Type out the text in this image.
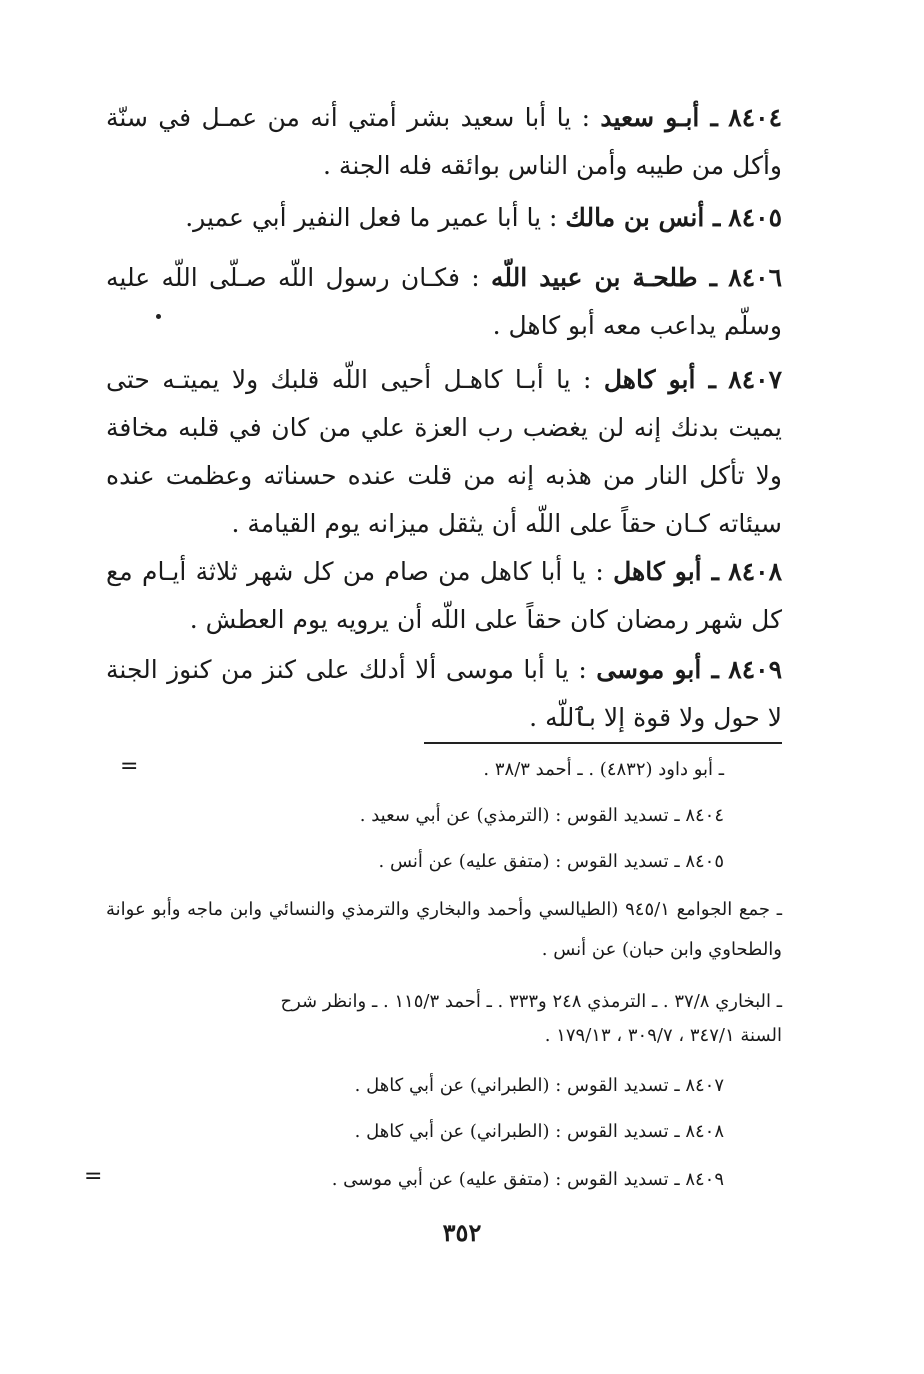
٨٤٠٤ ـ أبـو سعيد : يا أبا سعيد بشر أمتي أنه من عمـل في سنّة وأكل من طيبه وأمن الناس بوائقه فله الجنة .
٨٤٠٥ ـ أنس بن مالك : يا أبا عمير ما فعل النفير أبي عمير.
٨٤٠٦ ـ طلحـة بن عبيد اللّه : فكـان رسول اللّه صـلّى اللّه عليه وسلّم يداعب معه أبو كاهل .
٨٤٠٧ ـ أبو كاهل : يا أبـا كاهـل أحيى اللّه قلبك ولا يميتـه حتى يميت بدنك إنه لن يغضب رب العزة علي من كان في قلبه مخافة ولا تأكل النار من هذبه إنه من قلت عنده حسناته وعظمت عنده سيئاته كـان حقاً على اللّه أن يثقل ميزانه يوم القيامة .
٨٤٠٨ ـ أبو كاهل : يا أبا كاهل من صام من كل شهر ثلاثة أيـام مع كل شهر رمضان كان حقاً على اللّه أن يرويه يوم العطش .
٨٤٠٩ ـ أبو موسى : يا أبا موسى ألا أدلك على كنز من كنوز الجنة لا حول ولا قوة إلا بٱللّه .
=	ـ أبو داود (٤٨٣٢) . ـ أحمد ٣٨/٣ .
٨٤٠٤ ـ تسديد القوس : (الترمذي) عن أبي سعيد .
٨٤٠٥ ـ تسديد القوس : (متفق عليه) عن أنس .
ـ جمع الجوامع ٩٤٥/١ (الطيالسي وأحمد والبخاري والترمذي والنسائي وابن ماجه وأبو عوانة والطحاوي وابن حبان) عن أنس .
ـ البخاري ٣٧/٨ . ـ الترمذي ٢٤٨ و٣٣٣ . ـ أحمد ١١٥/٣ . ـ وانظر شرح
السنة ٣٤٧/١ ، ٣٠٩/٧ ، ١٧٩/١٣ .
٨٤٠٧ ـ تسديد القوس : (الطبراني) عن أبي كاهل .
٨٤٠٨ ـ تسديد القوس : (الطبراني) عن أبي كاهل .
٨٤٠٩ ـ تسديد القوس : (متفق عليه) عن أبي موسى .
=
٣٥٢
